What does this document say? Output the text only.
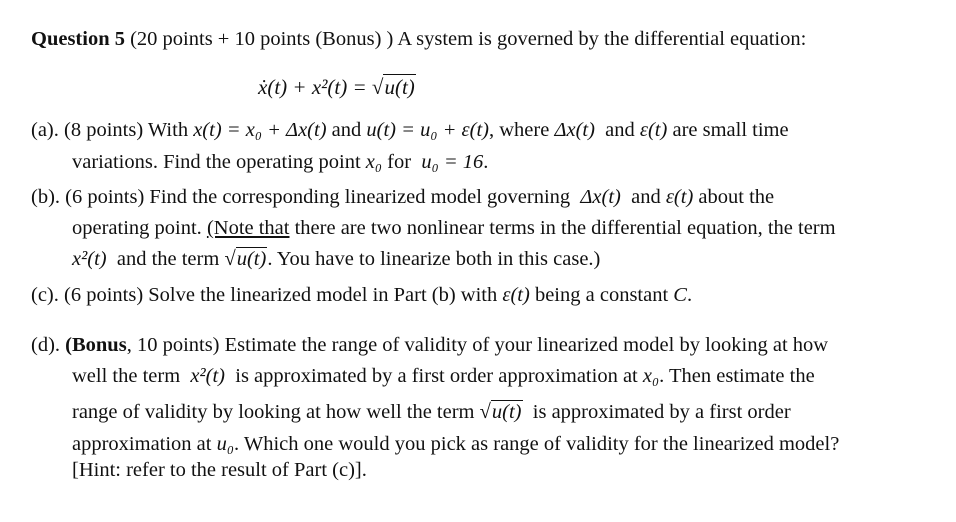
Question 5 (20 points + 10 points (Bonus) ) A system is governed by the differential equation:
ẋ(t) + x²(t) = √u(t)
(a). (8 points) With x(t) = x₀ + Δx(t) and u(t) = u₀ + ε(t), where Δx(t) and ε(t) are small time
variations. Find the operating point x₀ for u₀ = 16.
(b). (6 points) Find the corresponding linearized model governing Δx(t) and ε(t) about the
operating point. (Note that there are two nonlinear terms in the differential equation, the term
x²(t) and the term √u(t). You have to linearize both in this case.)
(c). (6 points) Solve the linearized model in Part (b) with ε(t) being a constant C.
(d). (Bonus, 10 points) Estimate the range of validity of your linearized model by looking at how
well the term x²(t) is approximated by a first order approximation at x₀. Then estimate the
range of validity by looking at how well the term √u(t) is approximated by a first order
approximation at u₀. Which one would you pick as range of validity for the linearized model?
[Hint: refer to the result of Part (c)].
